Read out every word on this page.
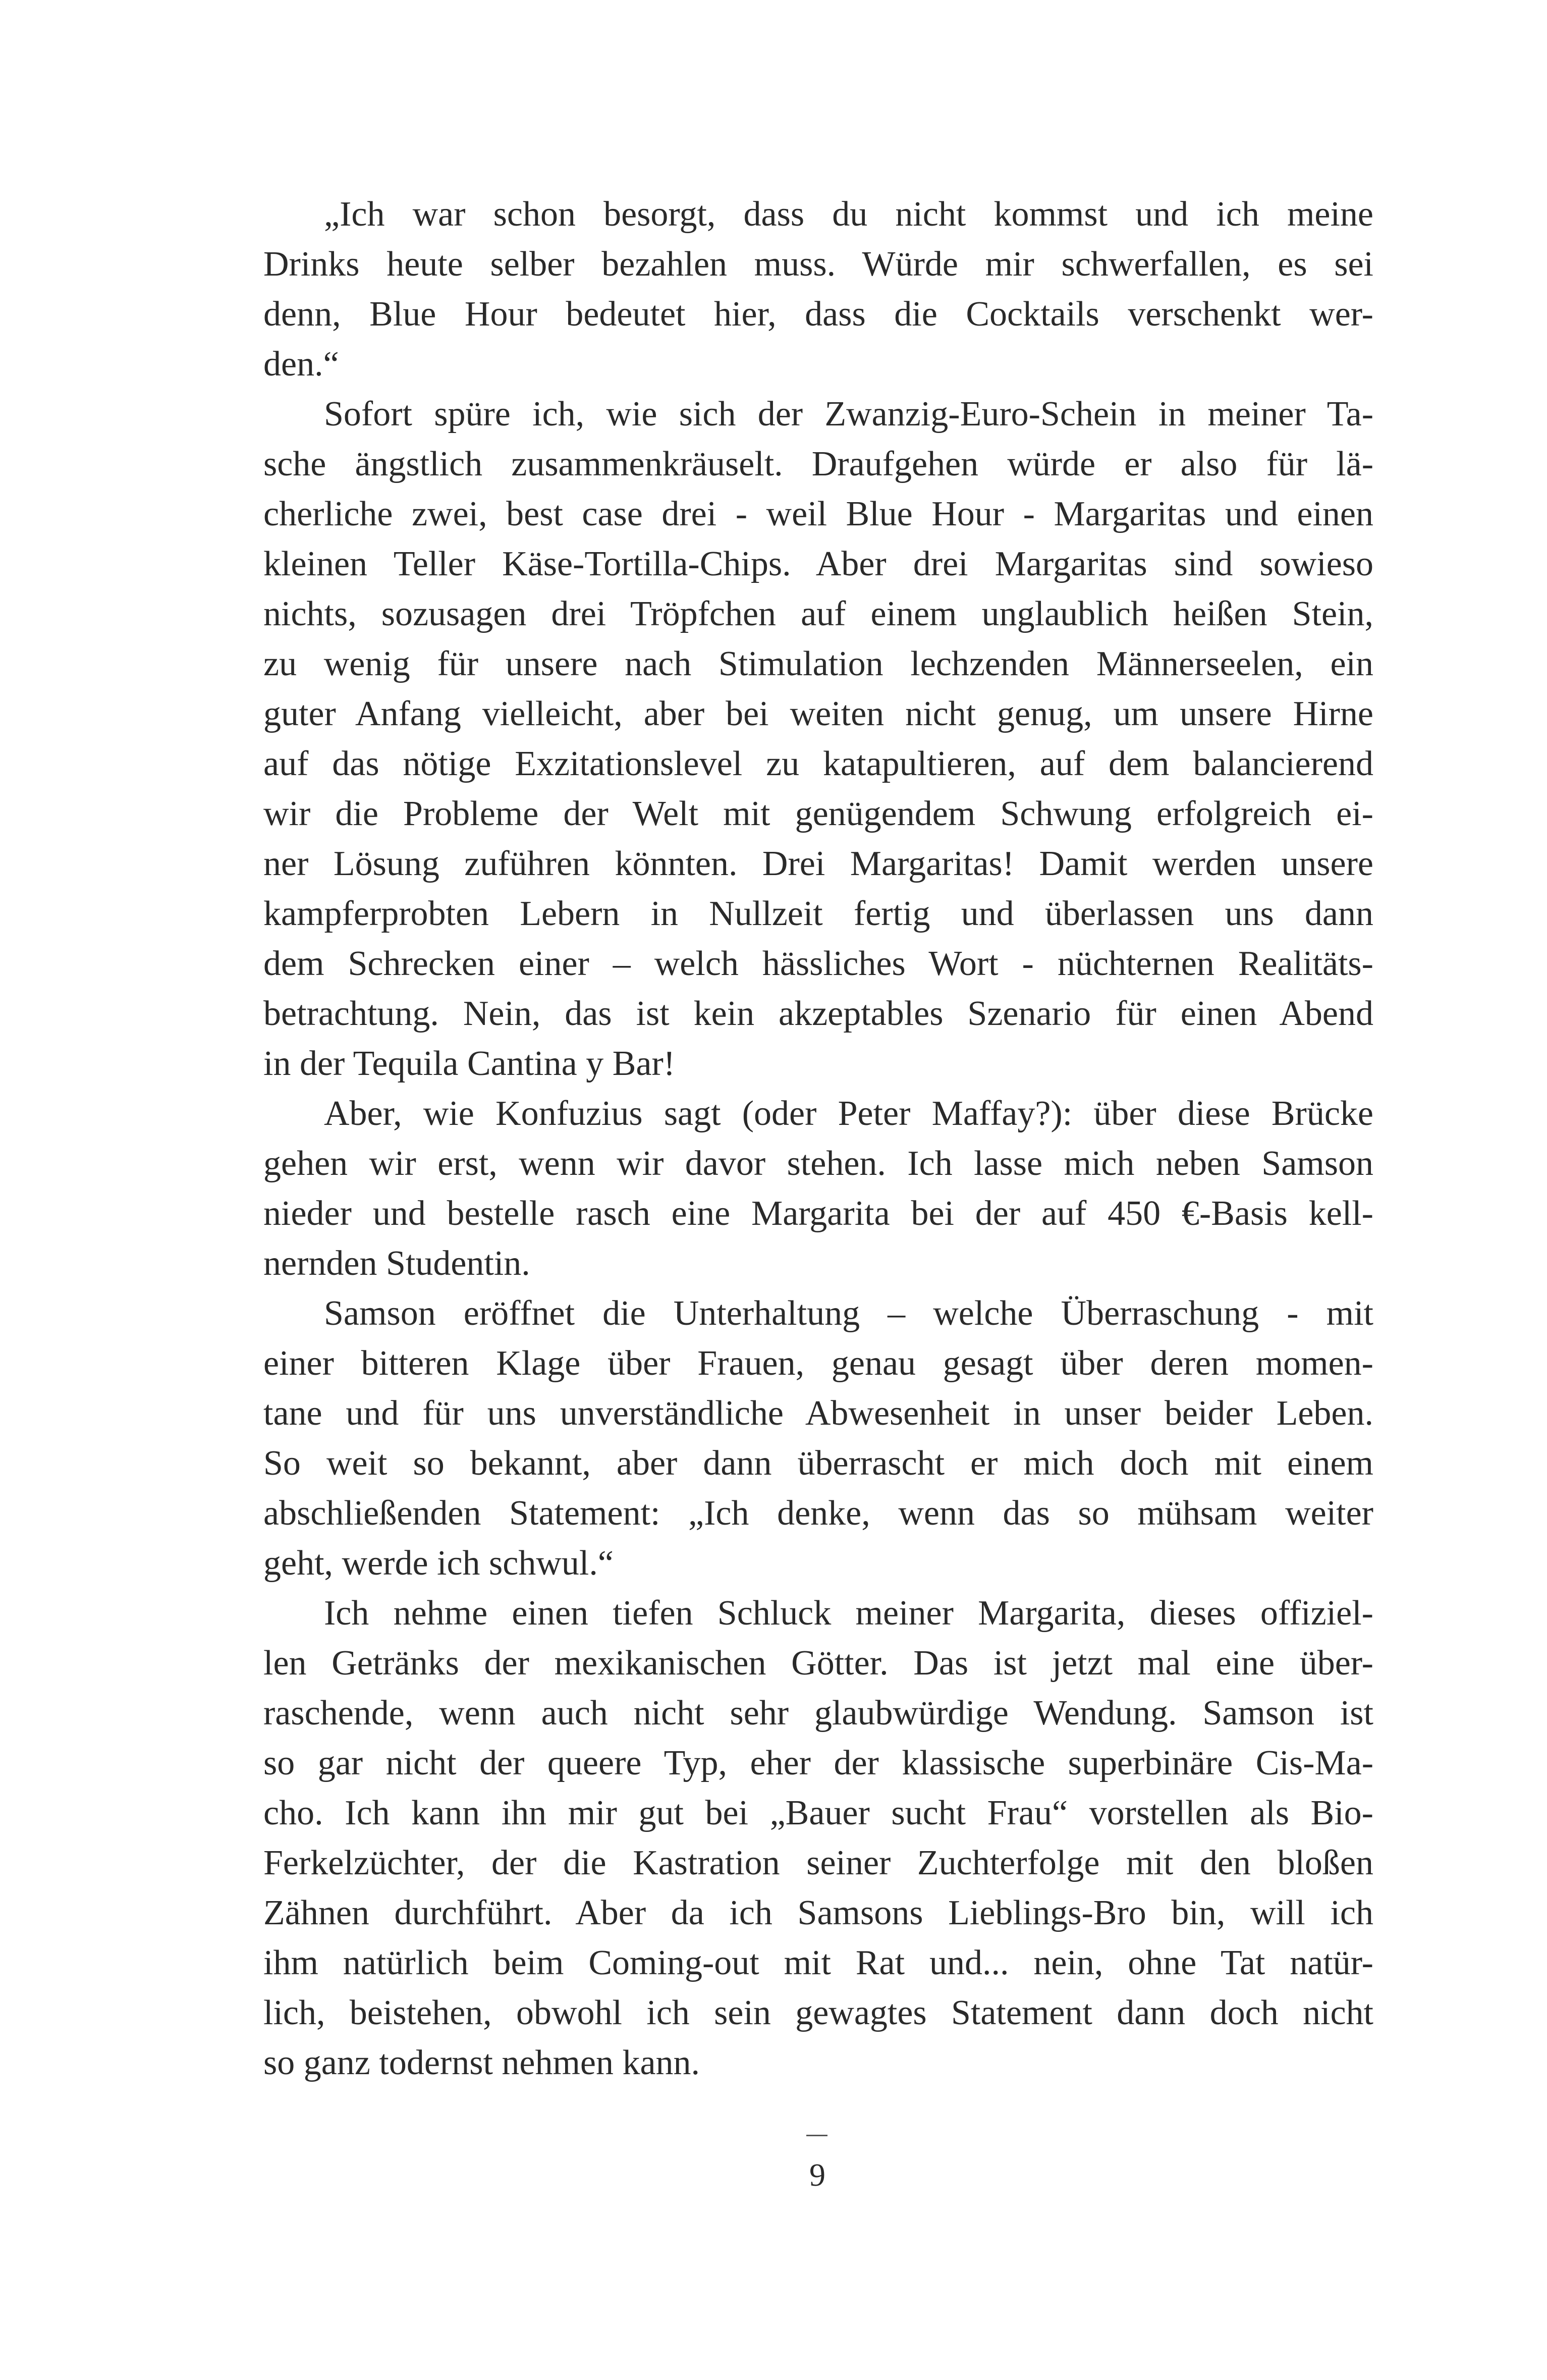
„Ich war schon besorgt, dass du nicht kommst und ich meine
Drinks heute selber bezahlen muss. Würde mir schwerfallen, es sei
denn, Blue Hour bedeutet hier, dass die Cocktails verschenkt wer-
den.“
Sofort spüre ich, wie sich der Zwanzig-Euro-Schein in meiner Ta-
sche ängstlich zusammenkräuselt. Draufgehen würde er also für lä-
cherliche zwei, best case drei - weil Blue Hour - Margaritas und einen
kleinen Teller Käse-Tortilla-Chips. Aber drei Margaritas sind sowieso
nichts, sozusagen drei Tröpfchen auf einem unglaublich heißen Stein,
zu wenig für unsere nach Stimulation lechzenden Männerseelen, ein
guter Anfang vielleicht, aber bei weiten nicht genug, um unsere Hirne
auf das nötige Exzitationslevel zu katapultieren, auf dem balancierend
wir die Probleme der Welt mit genügendem Schwung erfolgreich ei-
ner Lösung zuführen könnten. Drei Margaritas! Damit werden unsere
kampferprobten Lebern in Nullzeit fertig und überlassen uns dann
dem Schrecken einer – welch hässliches Wort - nüchternen Realitäts-
betrachtung. Nein, das ist kein akzeptables Szenario für einen Abend
in der Tequila Cantina y Bar!
Aber, wie Konfuzius sagt (oder Peter Maffay?): über diese Brücke
gehen wir erst, wenn wir davor stehen. Ich lasse mich neben Samson
nieder und bestelle rasch eine Margarita bei der auf 450 €-Basis kell-
nernden Studentin.
Samson eröffnet die Unterhaltung – welche Überraschung - mit
einer bitteren Klage über Frauen, genau gesagt über deren momen-
tane und für uns unverständliche Abwesenheit in unser beider Leben.
So weit so bekannt, aber dann überrascht er mich doch mit einem
abschließenden Statement: „Ich denke, wenn das so mühsam weiter
geht, werde ich schwul.“
Ich nehme einen tiefen Schluck meiner Margarita, dieses offiziel-
len Getränks der mexikanischen Götter. Das ist jetzt mal eine über-
raschende, wenn auch nicht sehr glaubwürdige Wendung. Samson ist
so gar nicht der queere Typ, eher der klassische superbinäre Cis-Ma-
cho. Ich kann ihn mir gut bei „Bauer sucht Frau“ vorstellen als Bio-
Ferkelzüchter, der die Kastration seiner Zuchterfolge mit den bloßen
Zähnen durchführt. Aber da ich Samsons Lieblings-Bro bin, will ich
ihm natürlich beim Coming-out mit Rat und... nein, ohne Tat natür-
lich, beistehen, obwohl ich sein gewagtes Statement dann doch nicht
so ganz todernst nehmen kann.
9
